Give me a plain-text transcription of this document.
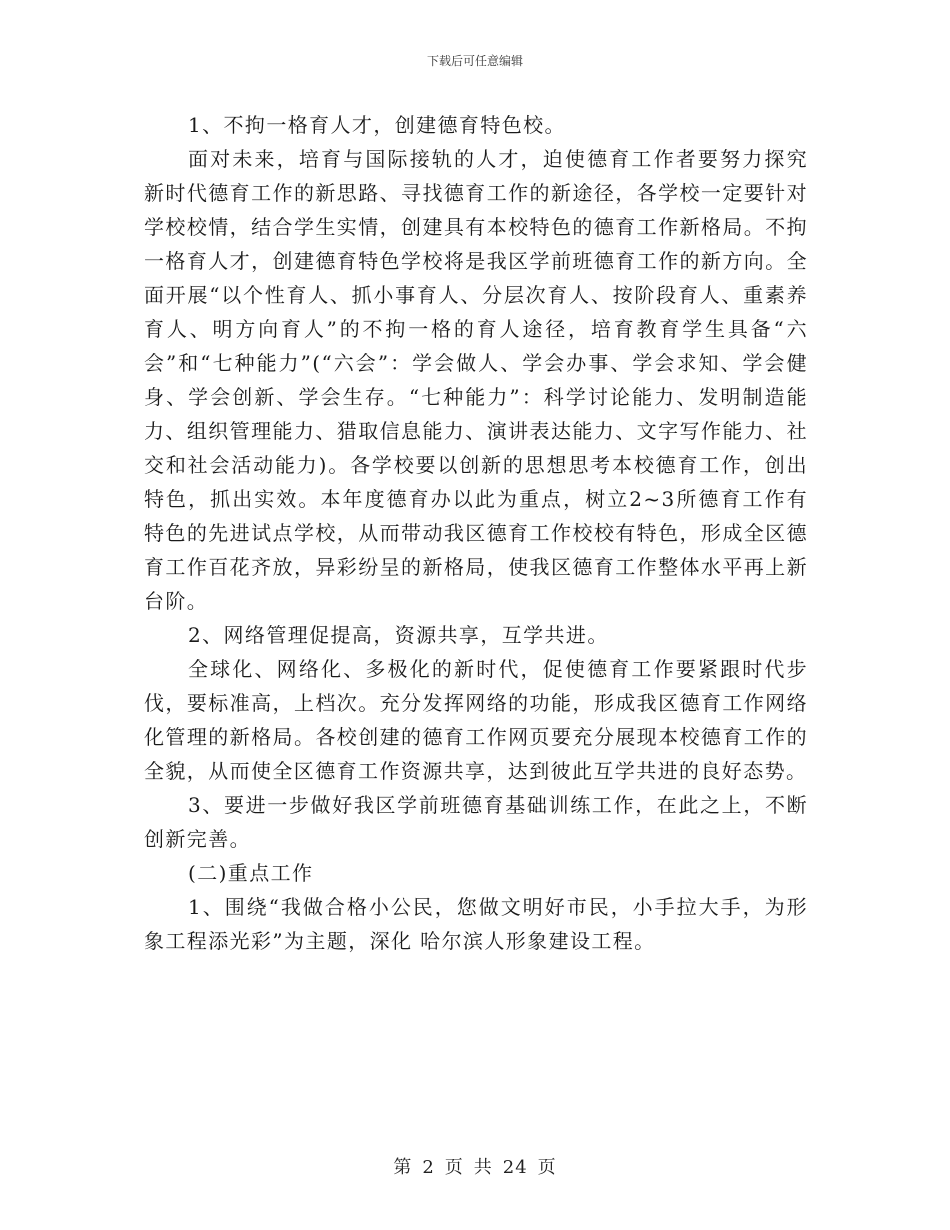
下载后可任意编辑

1、不拘一格育人才，创建德育特色校。

面对未来，培育与国际接轨的人才，迫使德育工作者要努力探究新时代德育工作的新思路、寻找德育工作的新途径，各学校一定要针对学校校情，结合学生实情，创建具有本校特色的德育工作新格局。不拘一格育人才，创建德育特色学校将是我区学前班德育工作的新方向。全面开展“以个性育人、抓小事育人、分层次育人、按阶段育人、重素养育人、明方向育人”的不拘一格的育人途径，培育教育学生具备“六会”和“七种能力”(“六会”：学会做人、学会办事、学会求知、学会健身、学会创新、学会生存。“七种能力”：科学讨论能力、发明制造能力、组织管理能力、猎取信息能力、演讲表达能力、文字写作能力、社交和社会活动能力)。各学校要以创新的思想思考本校德育工作，创出特色，抓出实效。本年度德育办以此为重点，树立2~3所德育工作有特色的先进试点学校，从而带动我区德育工作校校有特色，形成全区德育工作百花齐放，异彩纷呈的新格局，使我区德育工作整体水平再上新台阶。

2、网络管理促提高，资源共享，互学共进。

全球化、网络化、多极化的新时代，促使德育工作要紧跟时代步伐，要标准高，上档次。充分发挥网络的功能，形成我区德育工作网络化管理的新格局。各校创建的德育工作网页要充分展现本校德育工作的全貌，从而使全区德育工作资源共享，达到彼此互学共进的良好态势。

3、要进一步做好我区学前班德育基础训练工作，在此之上，不断创新完善。

(二)重点工作

1、围绕“我做合格小公民，您做文明好市民，小手拉大手，为形象工程添光彩”为主题，深化 哈尔滨人形象建设工程。

第 2 页 共 24 页
